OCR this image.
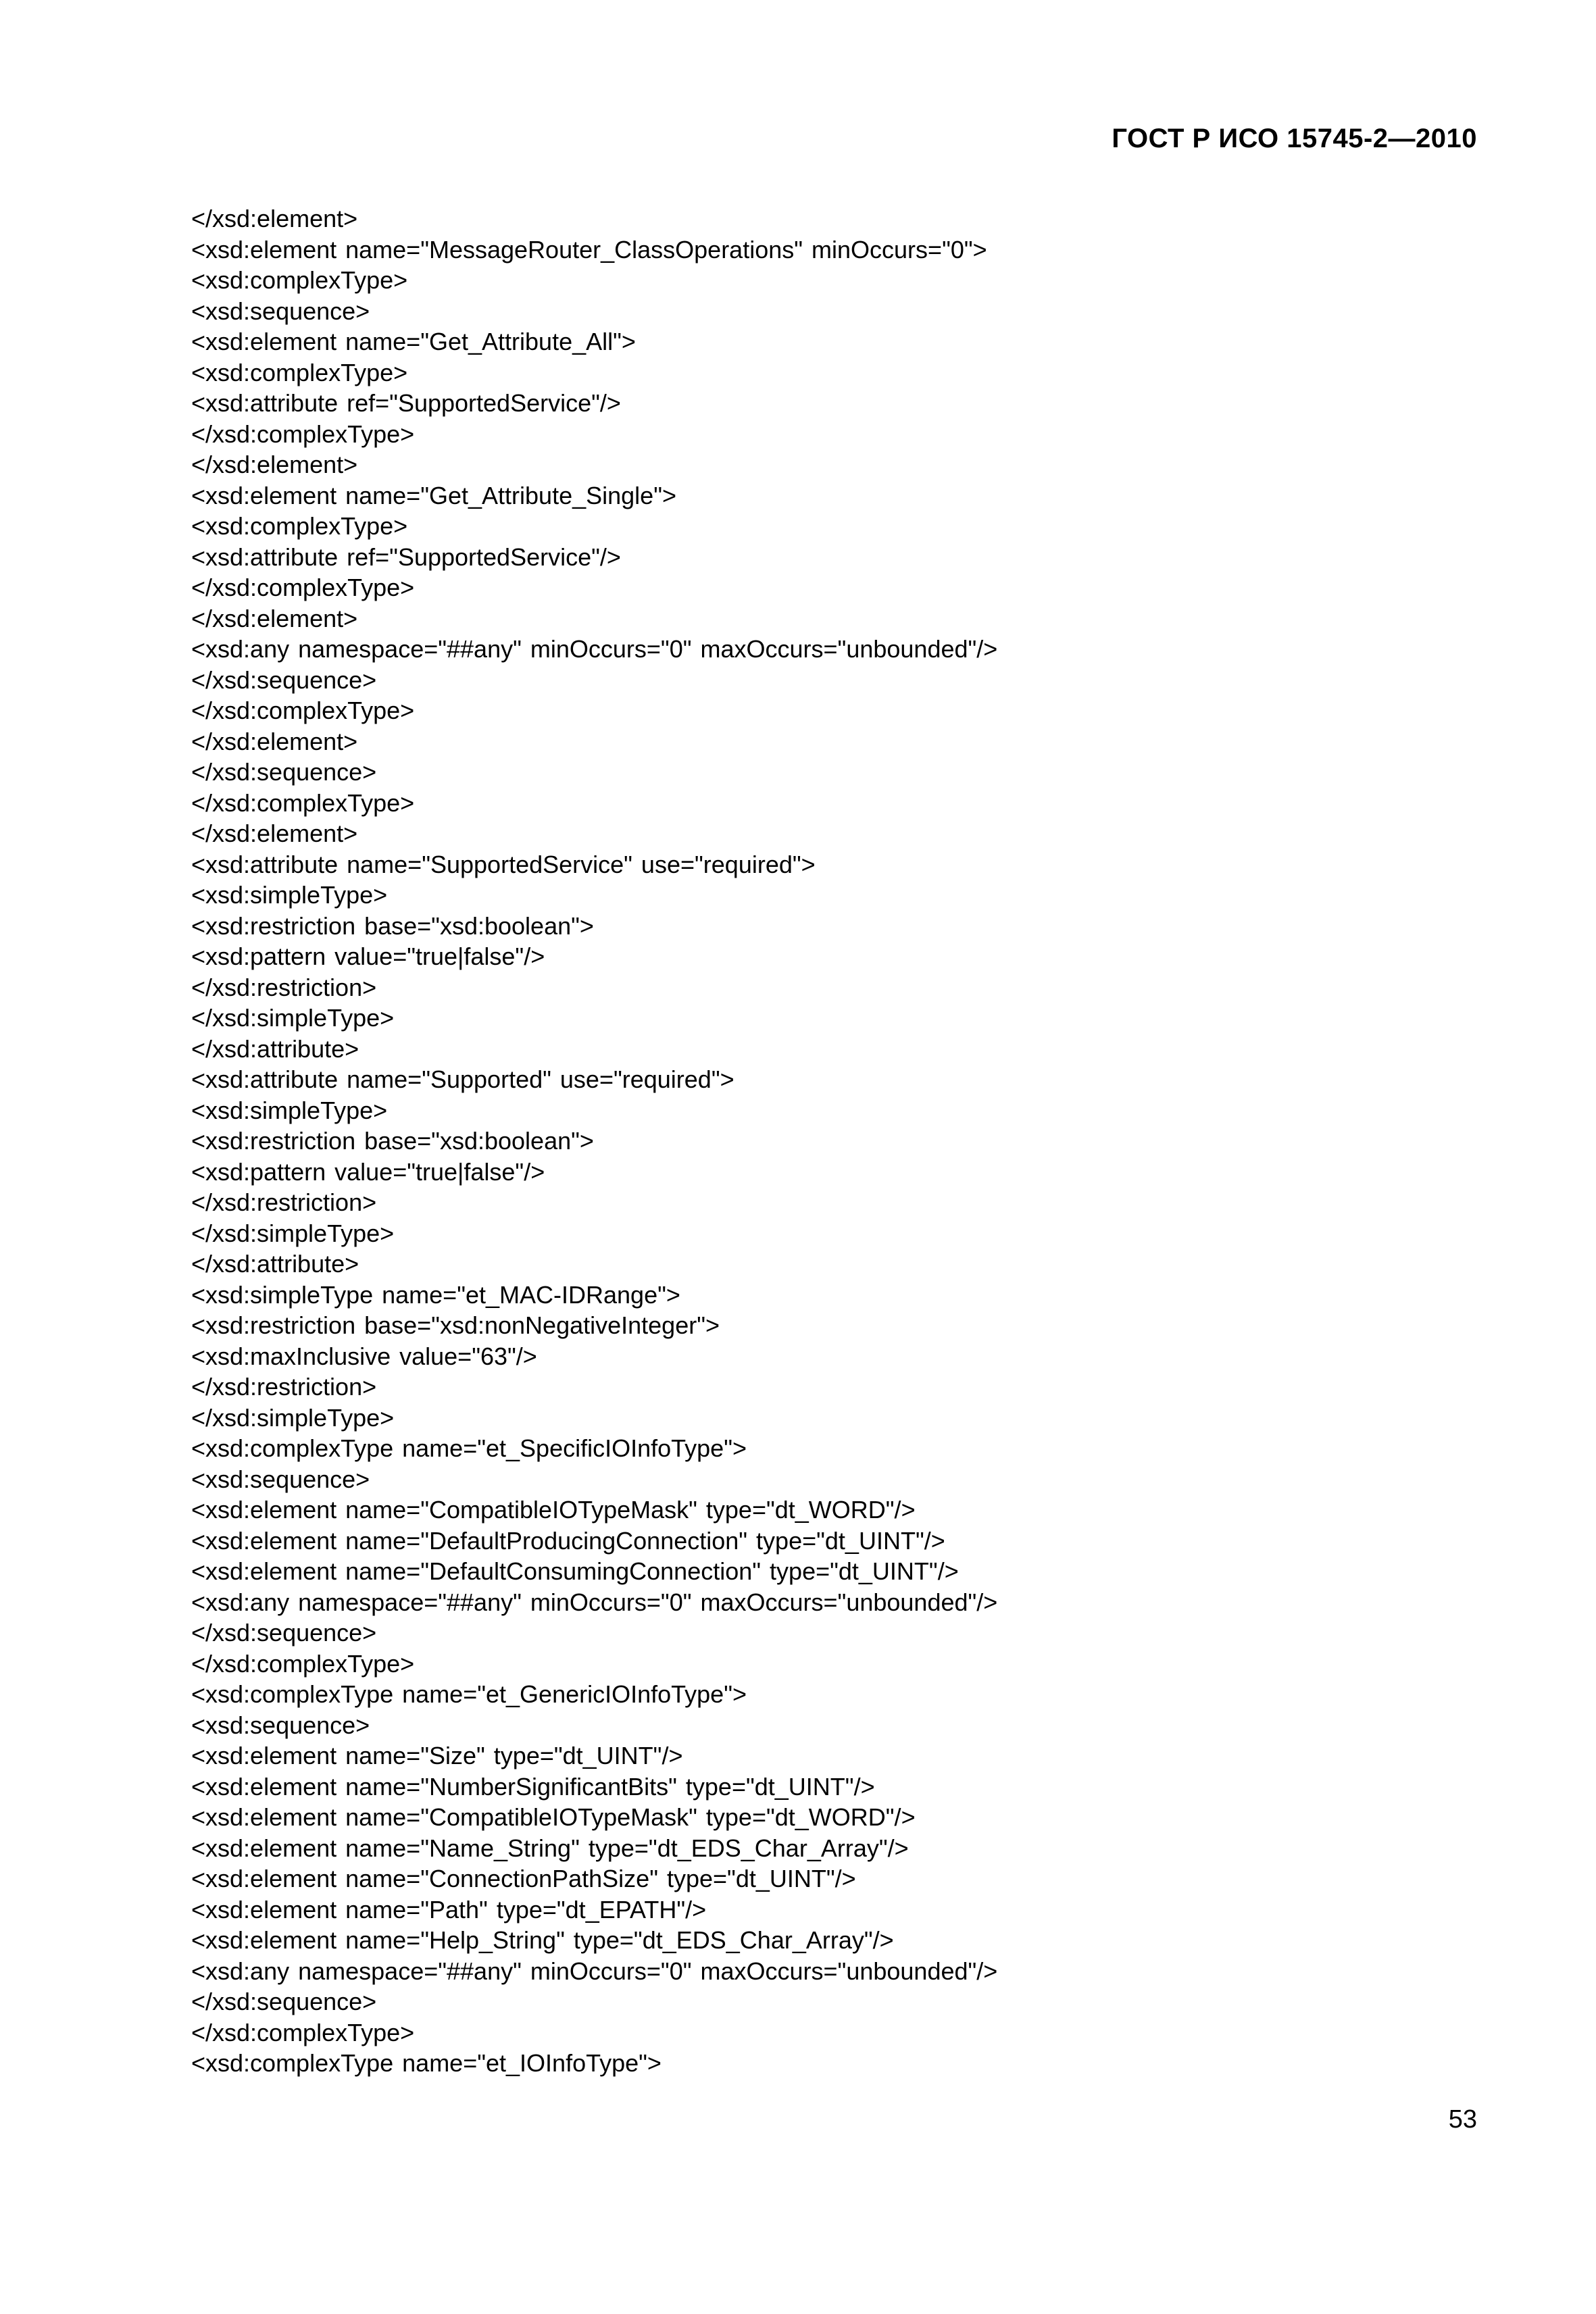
ГОСТ Р ИСО 15745-2—2010
</xsd:element>
<xsd:element name="MessageRouter_ClassOperations" minOccurs="0">
<xsd:complexType>
<xsd:sequence>
<xsd:element name="Get_Attribute_All">
<xsd:complexType>
<xsd:attribute ref="SupportedService"/>
</xsd:complexType>
</xsd:element>
<xsd:element name="Get_Attribute_Single">
<xsd:complexType>
<xsd:attribute ref="SupportedService"/>
</xsd:complexType>
</xsd:element>
<xsd:any namespace="##any" minOccurs="0" maxOccurs="unbounded"/>
</xsd:sequence>
</xsd:complexType>
</xsd:element>
</xsd:sequence>
</xsd:complexType>
</xsd:element>
<xsd:attribute name="SupportedService" use="required">
<xsd:simpleType>
<xsd:restriction base="xsd:boolean">
<xsd:pattern value="true|false"/>
</xsd:restriction>
</xsd:simpleType>
</xsd:attribute>
<xsd:attribute name="Supported" use="required">
<xsd:simpleType>
<xsd:restriction base="xsd:boolean">
<xsd:pattern value="true|false"/>
</xsd:restriction>
</xsd:simpleType>
</xsd:attribute>
<xsd:simpleType name="et_MAC-IDRange">
<xsd:restriction base="xsd:nonNegativeInteger">
<xsd:maxInclusive value="63"/>
</xsd:restriction>
</xsd:simpleType>
<xsd:complexType name="et_SpecificIOInfoType">
<xsd:sequence>
<xsd:element name="CompatibleIOTypeMask" type="dt_WORD"/>
<xsd:element name="DefaultProducingConnection" type="dt_UINT"/>
<xsd:element name="DefaultConsumingConnection" type="dt_UINT"/>
<xsd:any namespace="##any" minOccurs="0" maxOccurs="unbounded"/>
</xsd:sequence>
</xsd:complexType>
<xsd:complexType name="et_GenericIOInfoType">
<xsd:sequence>
<xsd:element name="Size" type="dt_UINT"/>
<xsd:element name="NumberSignificantBits" type="dt_UINT"/>
<xsd:element name="CompatibleIOTypeMask" type="dt_WORD"/>
<xsd:element name="Name_String" type="dt_EDS_Char_Array"/>
<xsd:element name="ConnectionPathSize" type="dt_UINT"/>
<xsd:element name="Path" type="dt_EPATH"/>
<xsd:element name="Help_String" type="dt_EDS_Char_Array"/>
<xsd:any namespace="##any" minOccurs="0" maxOccurs="unbounded"/>
</xsd:sequence>
</xsd:complexType>
<xsd:complexType name="et_IOInfoType">
53
